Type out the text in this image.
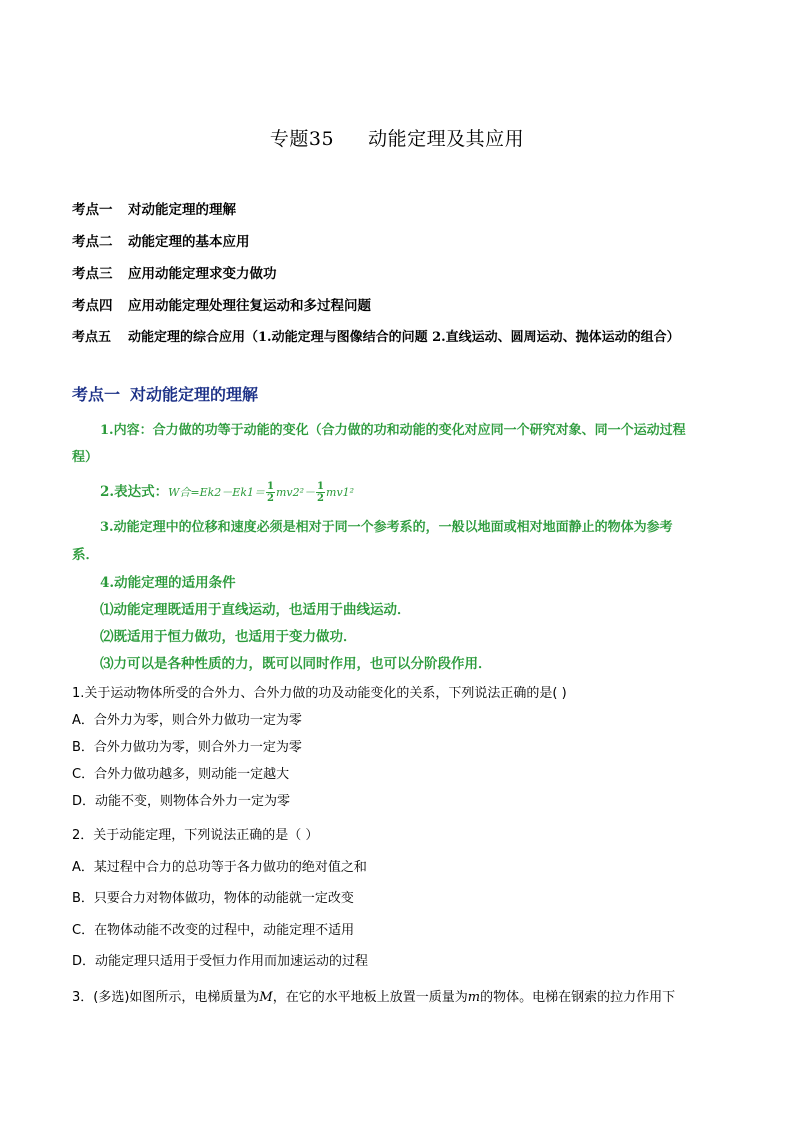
专题35 动能定理及其应用
考点一 对动能定理的理解
考点二 动能定理的基本应用
考点三 应用动能定理求变力做功
考点四 应用动能定理处理往复运动和多过程问题
考点五 动能定理的综合应用（1.动能定理与图像结合的问题 2.直线运动、圆周运动、抛体运动的组合）
考点一 对动能定理的理解
1.内容：合力做的功等于动能的变化（合力做的功和动能的变化对应同一个研究对象、同一个运动过程
程）
2.表达式：W合$=Ek2-Ek1= \frac{1}{2} mv2^2- \frac{1}{2} mv1^2$
3.动能定理中的位移和速度必须是相对于同一个参考系的，一般以地面或相对地面静止的物体为参考
系．
4.动能定理的适用条件
⑴动能定理既适用于直线运动，也适用于曲线运动．
⑵既适用于恒力做功，也适用于变力做功．
⑶力可以是各种性质的力，既可以同时作用，也可以分阶段作用．
1.关于运动物体所受的合外力、合外力做的功及动能变化的关系，下列说法正确的是( )
A．合外力为零，则合外力做功一定为零
B．合外力做功为零，则合外力一定为零
C．合外力做功越多，则动能一定越大
D．动能不变，则物体合外力一定为零
2．关于动能定理，下列说法正确的是（ ）
A．某过程中合力的总功等于各力做功的绝对值之和
B．只要合力对物体做功，物体的动能就一定改变
C．在物体动能不改变的过程中，动能定理不适用
D．动能定理只适用于受恒力作用而加速运动的过程
3．(多选)如图所示，电梯质量为M，在它的水平地板上放置一质量为m的物体。电梯在钢索的拉力作用下
